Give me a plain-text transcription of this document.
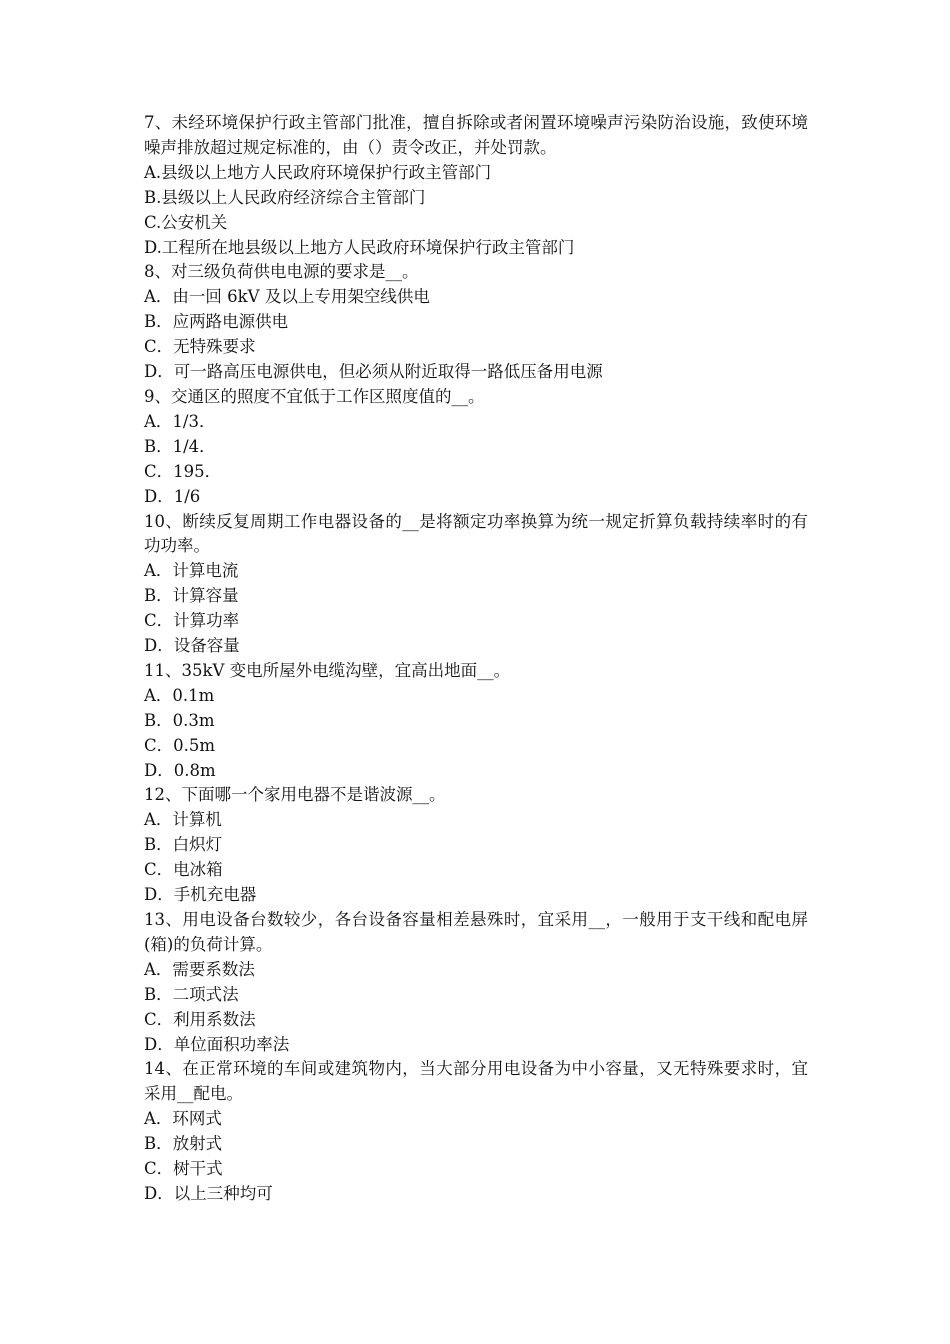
7、未经环境保护行政主管部门批准，擅自拆除或者闲置环境噪声污染防治设施，致使环境噪声排放超过规定标准的，由（）责令改正，并处罚款。

A.县级以上地方人民政府环境保护行政主管部门

B.县级以上人民政府经济综合主管部门

C.公安机关

D.工程所在地县级以上地方人民政府环境保护行政主管部门

8、对三级负荷供电电源的要求是__。

A．由一回 6kV 及以上专用架空线供电

B．应两路电源供电

C．无特殊要求

D．可一路高压电源供电，但必须从附近取得一路低压备用电源

9、交通区的照度不宜低于工作区照度值的__。

A．1/3．

B．1/4．

C．195．

D．1/6

10、断续反复周期工作电器设备的__是将额定功率换算为统一规定折算负载持续率时的有功功率。

A．计算电流

B．计算容量

C．计算功率

D．设备容量

11、35kV 变电所屋外电缆沟壁，宜高出地面__。

A．0.1m

B．0.3m

C．0.5m

D．0.8m

12、下面哪一个家用电器不是谐波源__。

A．计算机

B．白炽灯

C．电冰箱

D．手机充电器

13、用电设备台数较少，各台设备容量相差悬殊时，宜采用__，一般用于支干线和配电屏(箱)的负荷计算。

A．需要系数法

B．二项式法

C．利用系数法

D．单位面积功率法

14、在正常环境的车间或建筑物内，当大部分用电设备为中小容量，又无特殊要求时，宜采用__配电。

A．环网式

B．放射式

C．树干式

D．以上三种均可
